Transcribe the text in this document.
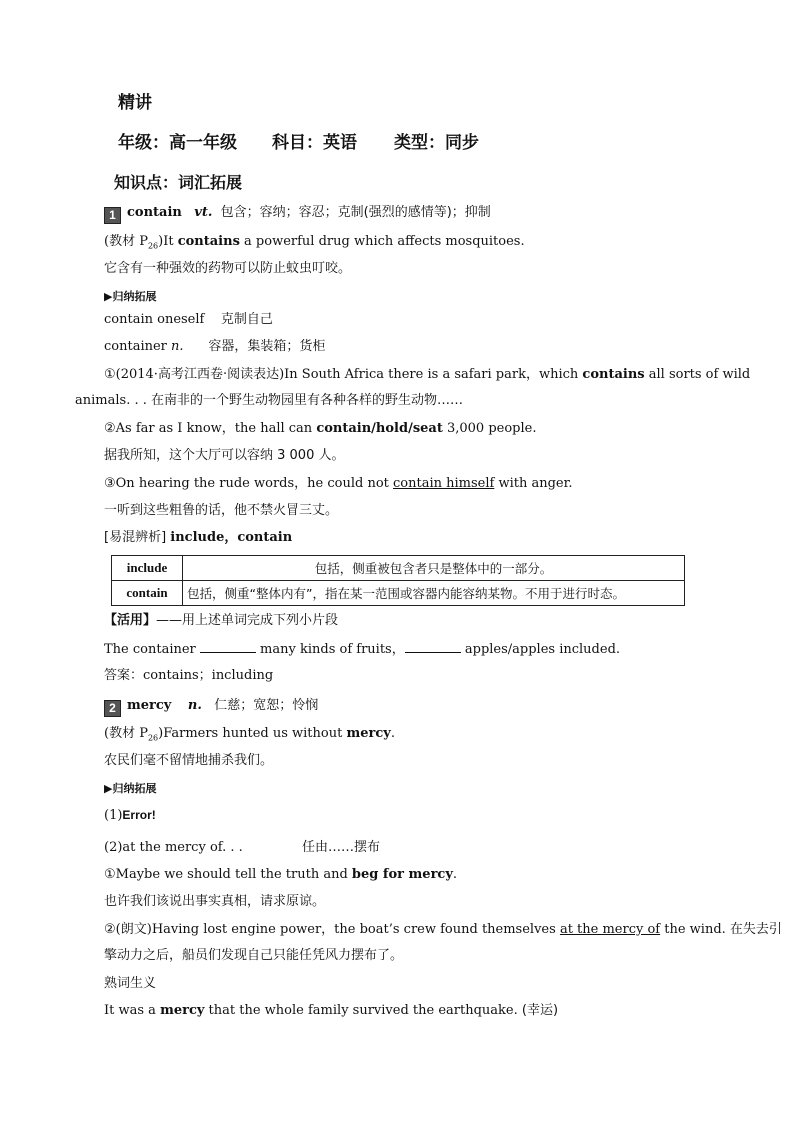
精讲
年级：高一年级 科目：英语 类型：同步
知识点：词汇拓展
1 contain vt. 包含；容纳；容忍；克制(强烈的感情等)；抑制
(教材 $P_{26})It$ contains a powerful drug which affects mosquitoes.
它含有一种强效的药物可以防止蚊虫叮咬。
▶归纳拓展
contain oneself 克制自己
container n. 容器，集装箱；货柜
①(2014·高考江西卷·阅读表达)In South Africa there is a safari park，which contains all sorts of wild
animals. . . 在南非的一个野生动物园里有各种各样的野生动物……
②As far as I know，the hall can contain/hold/seat 3,000 people.
据我所知，这个大厅可以容纳 3 000 人。
③On hearing the rude words，he could not contain himself with anger.
一听到这些粗鲁的话，他不禁火冒三丈。
[易混辨析] include，contain
include	包括，侧重被包含者只是整体中的一部分。
contain	包括，侧重“整体内有”，指在某一范围或容器内能容纳某物。不用于进行时态。
【活用】——用上述单词完成下列小片段
The container	many kinds of fruits，	apples/apples included.
答案：contains；including
2 mercy n. 仁慈；宽恕；怜悯
(教材 $P_{26})Farmers$ hunted us without mercy.
农民们毫不留情地捕杀我们。
▶归纳拓展
(1)Error!
(2)at the mercy of. . .	任由……摆布
①Maybe we should tell the truth and beg for mercy.
也许我们该说出事实真相，请求原谅。
②(朗文)Having lost engine power，the boat’s crew found themselves at the mercy of the wind. 在失去引
擎动力之后，船员们发现自己只能任凭风力摆布了。
熟词生义
It was a mercy that the whole family survived the earthquake. (幸运)
